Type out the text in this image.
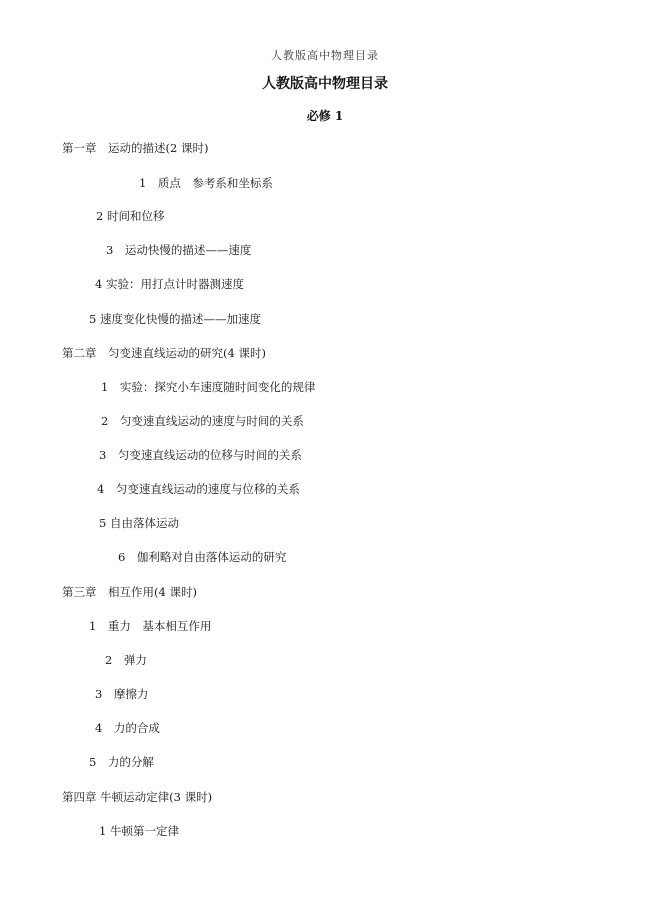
人教版高中物理目录
人教版高中物理目录
必修 1
第一章　运动的描述(2 课时)
1　质点　参考系和坐标系
2 时间和位移
3　运动快慢的描述——速度
4 实验：用打点计时器测速度
5 速度变化快慢的描述——加速度
第二章　匀变速直线运动的研究(4 课时)
1　实验：探究小车速度随时间变化的规律
2　匀变速直线运动的速度与时间的关系
3　匀变速直线运动的位移与时间的关系
4　匀变速直线运动的速度与位移的关系
5 自由落体运动
6　伽利略对自由落体运动的研究
第三章　相互作用(4 课时)
1　重力　基本相互作用
2　弹力
3　摩擦力
4　力的合成
5　力的分解
第四章 牛顿运动定律(3 课时)
1 牛顿第一定律
